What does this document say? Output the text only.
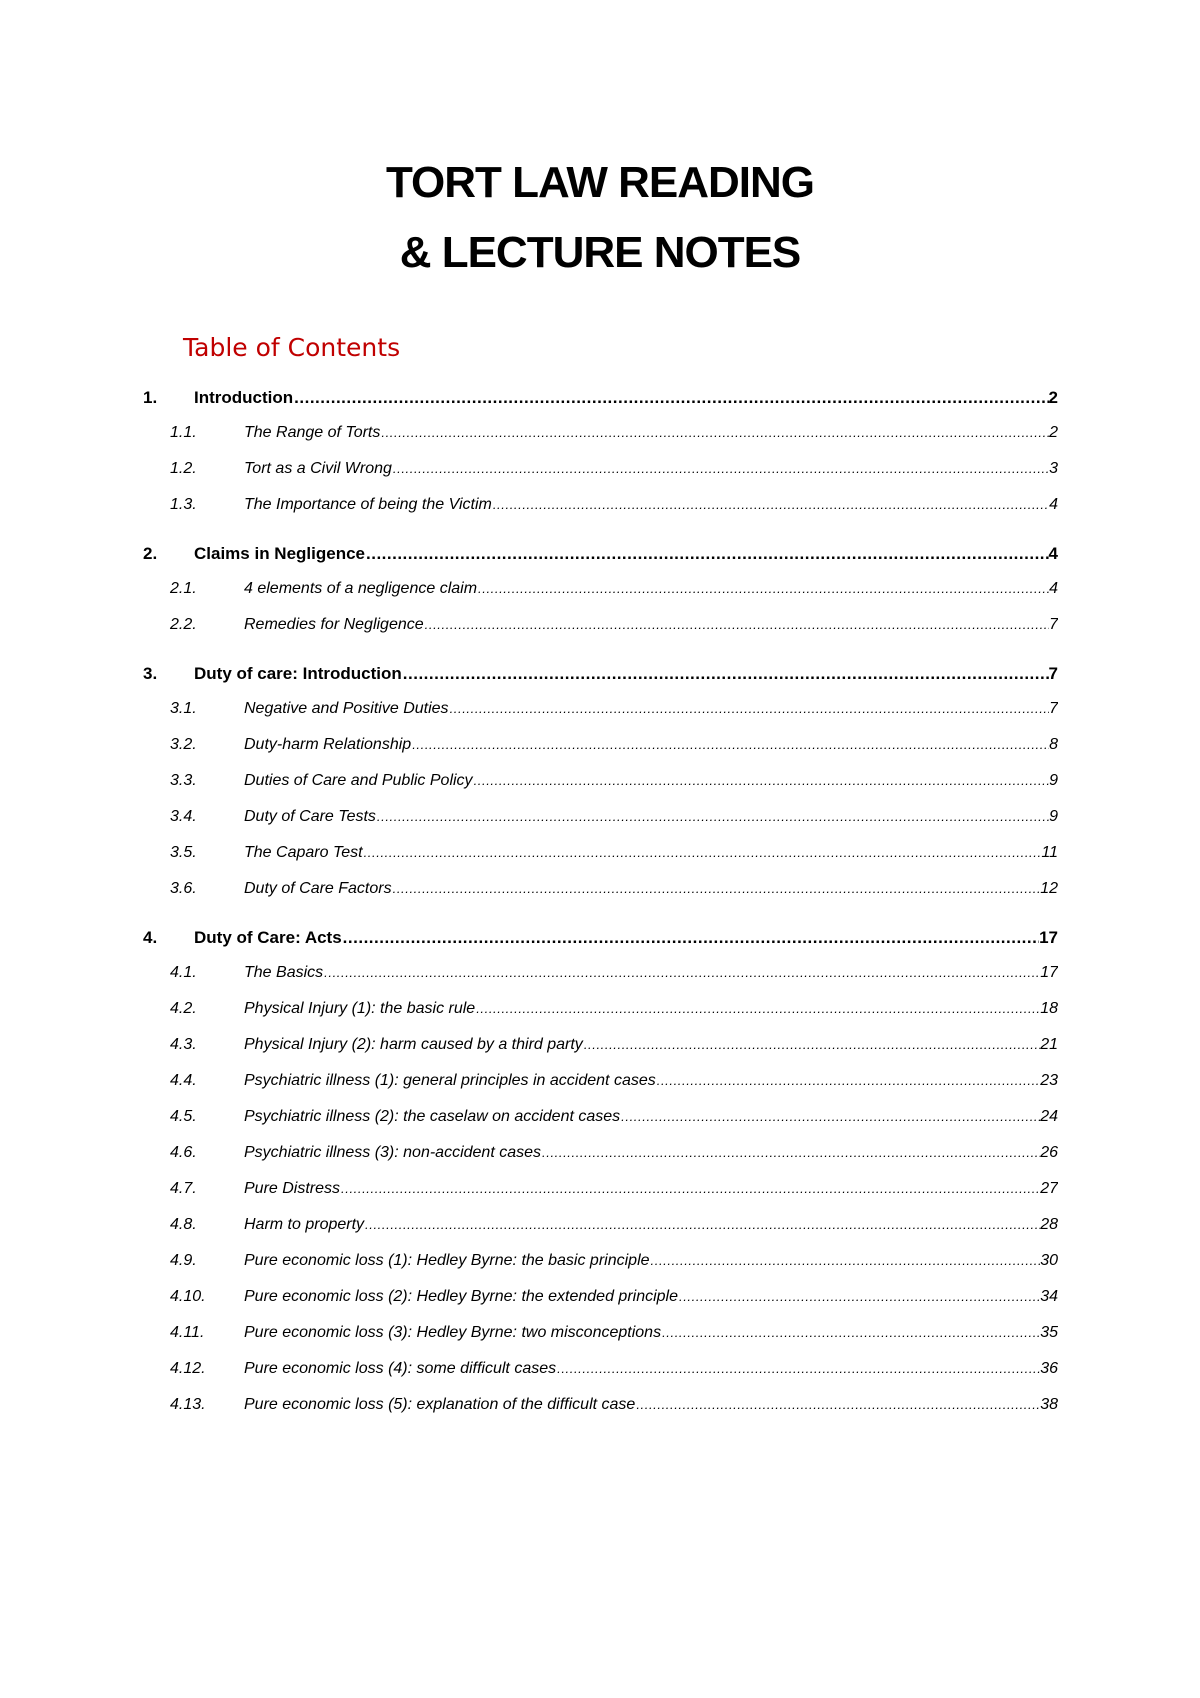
TORT LAW READING
& LECTURE NOTES
Table of Contents
1. Introduction .....	2
1.1.	The Range of Torts .....	2
1.2.	Tort as a Civil Wrong .....	3
1.3.	The Importance of being the Victim .....	4
2. Claims in Negligence .....	4
2.1.	4 elements of a negligence claim .....	4
2.2.	Remedies for Negligence .....	7
3. Duty of care: Introduction .....	7
3.1.	Negative and Positive Duties .....	7
3.2.	Duty-harm Relationship .....	8
3.3.	Duties of Care and Public Policy .....	9
3.4.	Duty of Care Tests .....	9
3.5.	The Caparo Test .....	11
3.6.	Duty of Care Factors .....	12
4. Duty of Care: Acts .....	17
4.1.	The Basics .....	17
4.2.	Physical Injury (1): the basic rule .....	18
4.3.	Physical Injury (2): harm caused by a third party .....	21
4.4.	Psychiatric illness (1): general principles in accident cases .....	23
4.5.	Psychiatric illness (2): the caselaw on accident cases .....	24
4.6.	Psychiatric illness (3): non-accident cases .....	26
4.7.	Pure Distress .....	27
4.8.	Harm to property .....	28
4.9.	Pure economic loss (1): Hedley Byrne: the basic principle .....	30
4.10. Pure economic loss (2): Hedley Byrne: the extended principle .....	34
4.11. Pure economic loss (3): Hedley Byrne: two misconceptions .....	35
4.12. Pure economic loss (4): some difficult cases .....	36
4.13. Pure economic loss (5): explanation of the difficult case .....	38
